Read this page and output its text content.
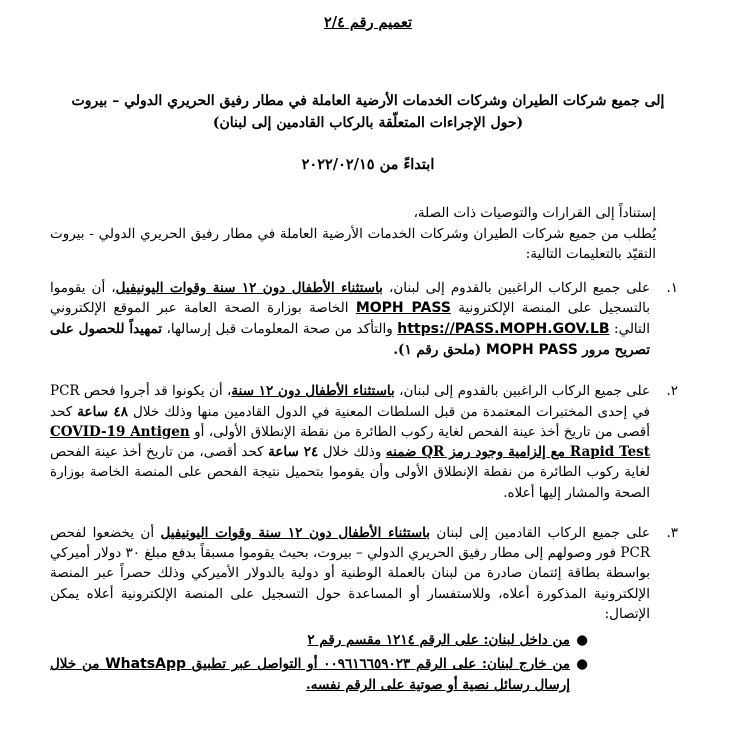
تعميم رقم ٢/٤
إلى جميع شركات الطيران وشركات الخدمات الأرضية العاملة في مطار رفيق الحريري الدولي – بيروت
(حول الإجراءات المتعلّقة بالركاب القادمين إلى لبنان)
ابتداءً من ٢٠٢٢/٠٢/١٥

إستناداً إلى القرارات والتوصيات ذات الصلة،

يُطلب من جميع شركات الطيران وشركات الخدمات الأرضية العاملة في مطار رفيق الحريري الدولي - بيروت التقيّد بالتعليمات التالية:

١.
على جميع الركاب الراغبين بالقدوم إلى لبنان، باستثناء الأطفال دون ١٢ سنة وقوات اليونيفيل، أن يقوموا بالتسجيل على المنصة الإلكترونية MOPH PASS الخاصة بوزارة الصحة العامة عبر الموقع الإلكتروني التالي: https://PASS.MOPH.GOV.LB والتأكد من صحة المعلومات قبل إرسالها، تمهيداً للحصول على تصريح مرور MOPH PASS (ملحق رقم ١).
٢.
على جميع الركاب الراغبين بالقدوم إلى لبنان، باستثناء الأطفال دون ١٢ سنة، أن يكونوا قد أجروا فحص PCR في إحدى المختبرات المعتمدة من قبل السلطات المعنية في الدول القادمين منها وذلك خلال ٤٨ ساعة كحد أقصى من تاريخ أخذ عينة الفحص لغاية ركوب الطائرة من نقطة الإنطلاق الأولى، أو COVID-19 Antigen Rapid Test مع إلزامية وجود رمز QR ضمنه وذلك خلال ٢٤ ساعة كحد أقصى، من تاريخ أخذ عينة الفحص لغاية ركوب الطائرة من نقطة الإنطلاق الأولى وأن يقوموا بتحميل نتيجة الفحص على المنصة الخاصة بوزارة الصحة والمشار إليها أعلاه.
٣.
على جميع الركاب القادمين إلى لبنان باستثناء الأطفال دون ١٢ سنة وقوات اليونيفيل أن يخضعوا لفحص PCR فور وصولهم إلى مطار رفيق الحريري الدولي – بيروت، بحيث يقوموا مسبقاً بدفع مبلغ ٣٠ دولار أميركي بواسطة بطاقة إئتمان صادرة من لبنان بالعملة الوطنية أو دولية بالدولار الأميركي وذلك حصراً عبر المنصة الإلكترونية المذكورة أعلاه، وللاستفسار أو المساعدة حول التسجيل على المنصة الإلكترونية أعلاه يمكن الإتصال:
●
من داخل لبنان: على الرقم ١٢١٤ مقسم رقم ٢
●
من خارج لبنان: على الرقم ٠٠٩٦١٦٦٥٩٠٢٣ أو التواصل عبر تطبيق WhatsApp من خلال إرسال رسائل نصية أو صوتية على الرقم نفسه.
